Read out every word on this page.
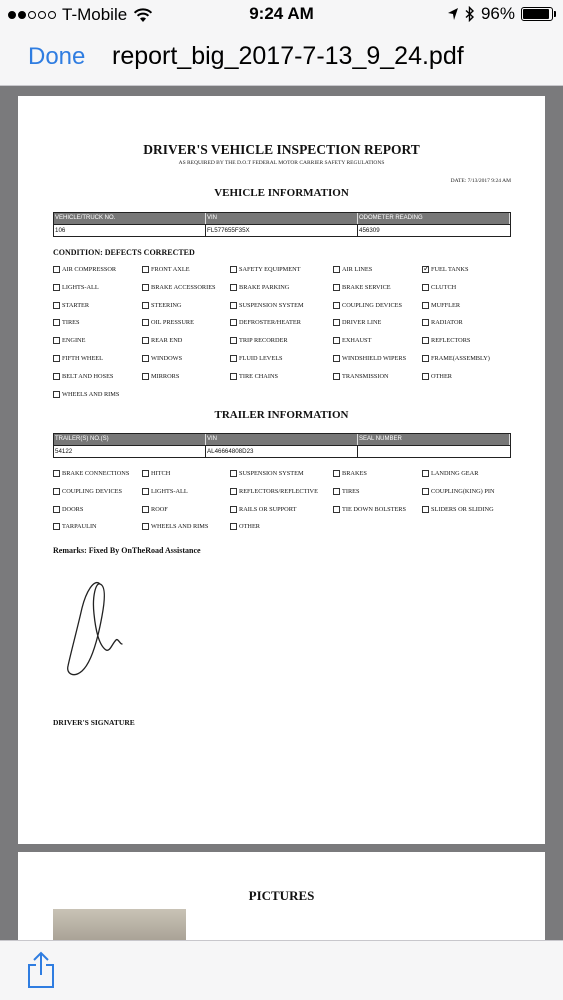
T-Mobile	9:24 AM	96%
Done report_big_2017-7-13_9_24.pdf
DRIVER'S VEHICLE INSPECTION REPORT
AS REQUIRED BY THE D.O.T FEDERAL MOTOR CARRIER SAFETY REGULATIONS
DATE: 7/13/2017 9:24 AM
VEHICLE INFORMATION
VEHICLE/TRUCK NO.	VIN	ODOMETER READING
106	FL577655F35X	456309
CONDITION: DEFECTS CORRECTED
AIR COMPRESSOR	FRONT AXLE	SAFETY EQUIPMENT	AIR LINES
✓	FUEL TANKS
LIGHTS-ALL	BRAKE ACCESSORIES	BRAKE PARKING	BRAKE SERVICE	CLUTCH
STARTER	STEERING	SUSPENSION SYSTEM	COUPLING DEVICES	MUFFLER
TIRES	OIL PRESSURE	DEFROSTER/HEATER	DRIVER LINE	RADIATOR
ENGINE	REAR END	TRIP RECORDER	EXHAUST	REFLECTORS
FIFTH WHEEL	WINDOWS	FLUID LEVELS	WINDSHIELD WIPERS	FRAME(ASSEMBLY)
BELT AND HOSES	MIRRORS	TIRE CHAINS	TRANSMISSION	OTHER
WHEELS AND RIMS
TRAILER INFORMATION
TRAILER(S) NO.(S)	VIN	SEAL NUMBER
54122	AL46664808D23
BRAKE CONNECTIONS	HITCH	SUSPENSION SYSTEM	BRAKES	LANDING GEAR
COUPLING DEVICES	LIGHTS-ALL	REFLECTORS/REFLECTIVE	TIRES	COUPLING(KING) PIN
DOORS	ROOF	RAILS OR SUPPORT	TIE DOWN BOLSTERS	SLIDERS OR SLIDING
TARPAULIN	WHEELS AND RIMS	OTHER
Remarks: Fixed By OnTheRoad Assistance
DRIVER'S SIGNATURE
PICTURES
